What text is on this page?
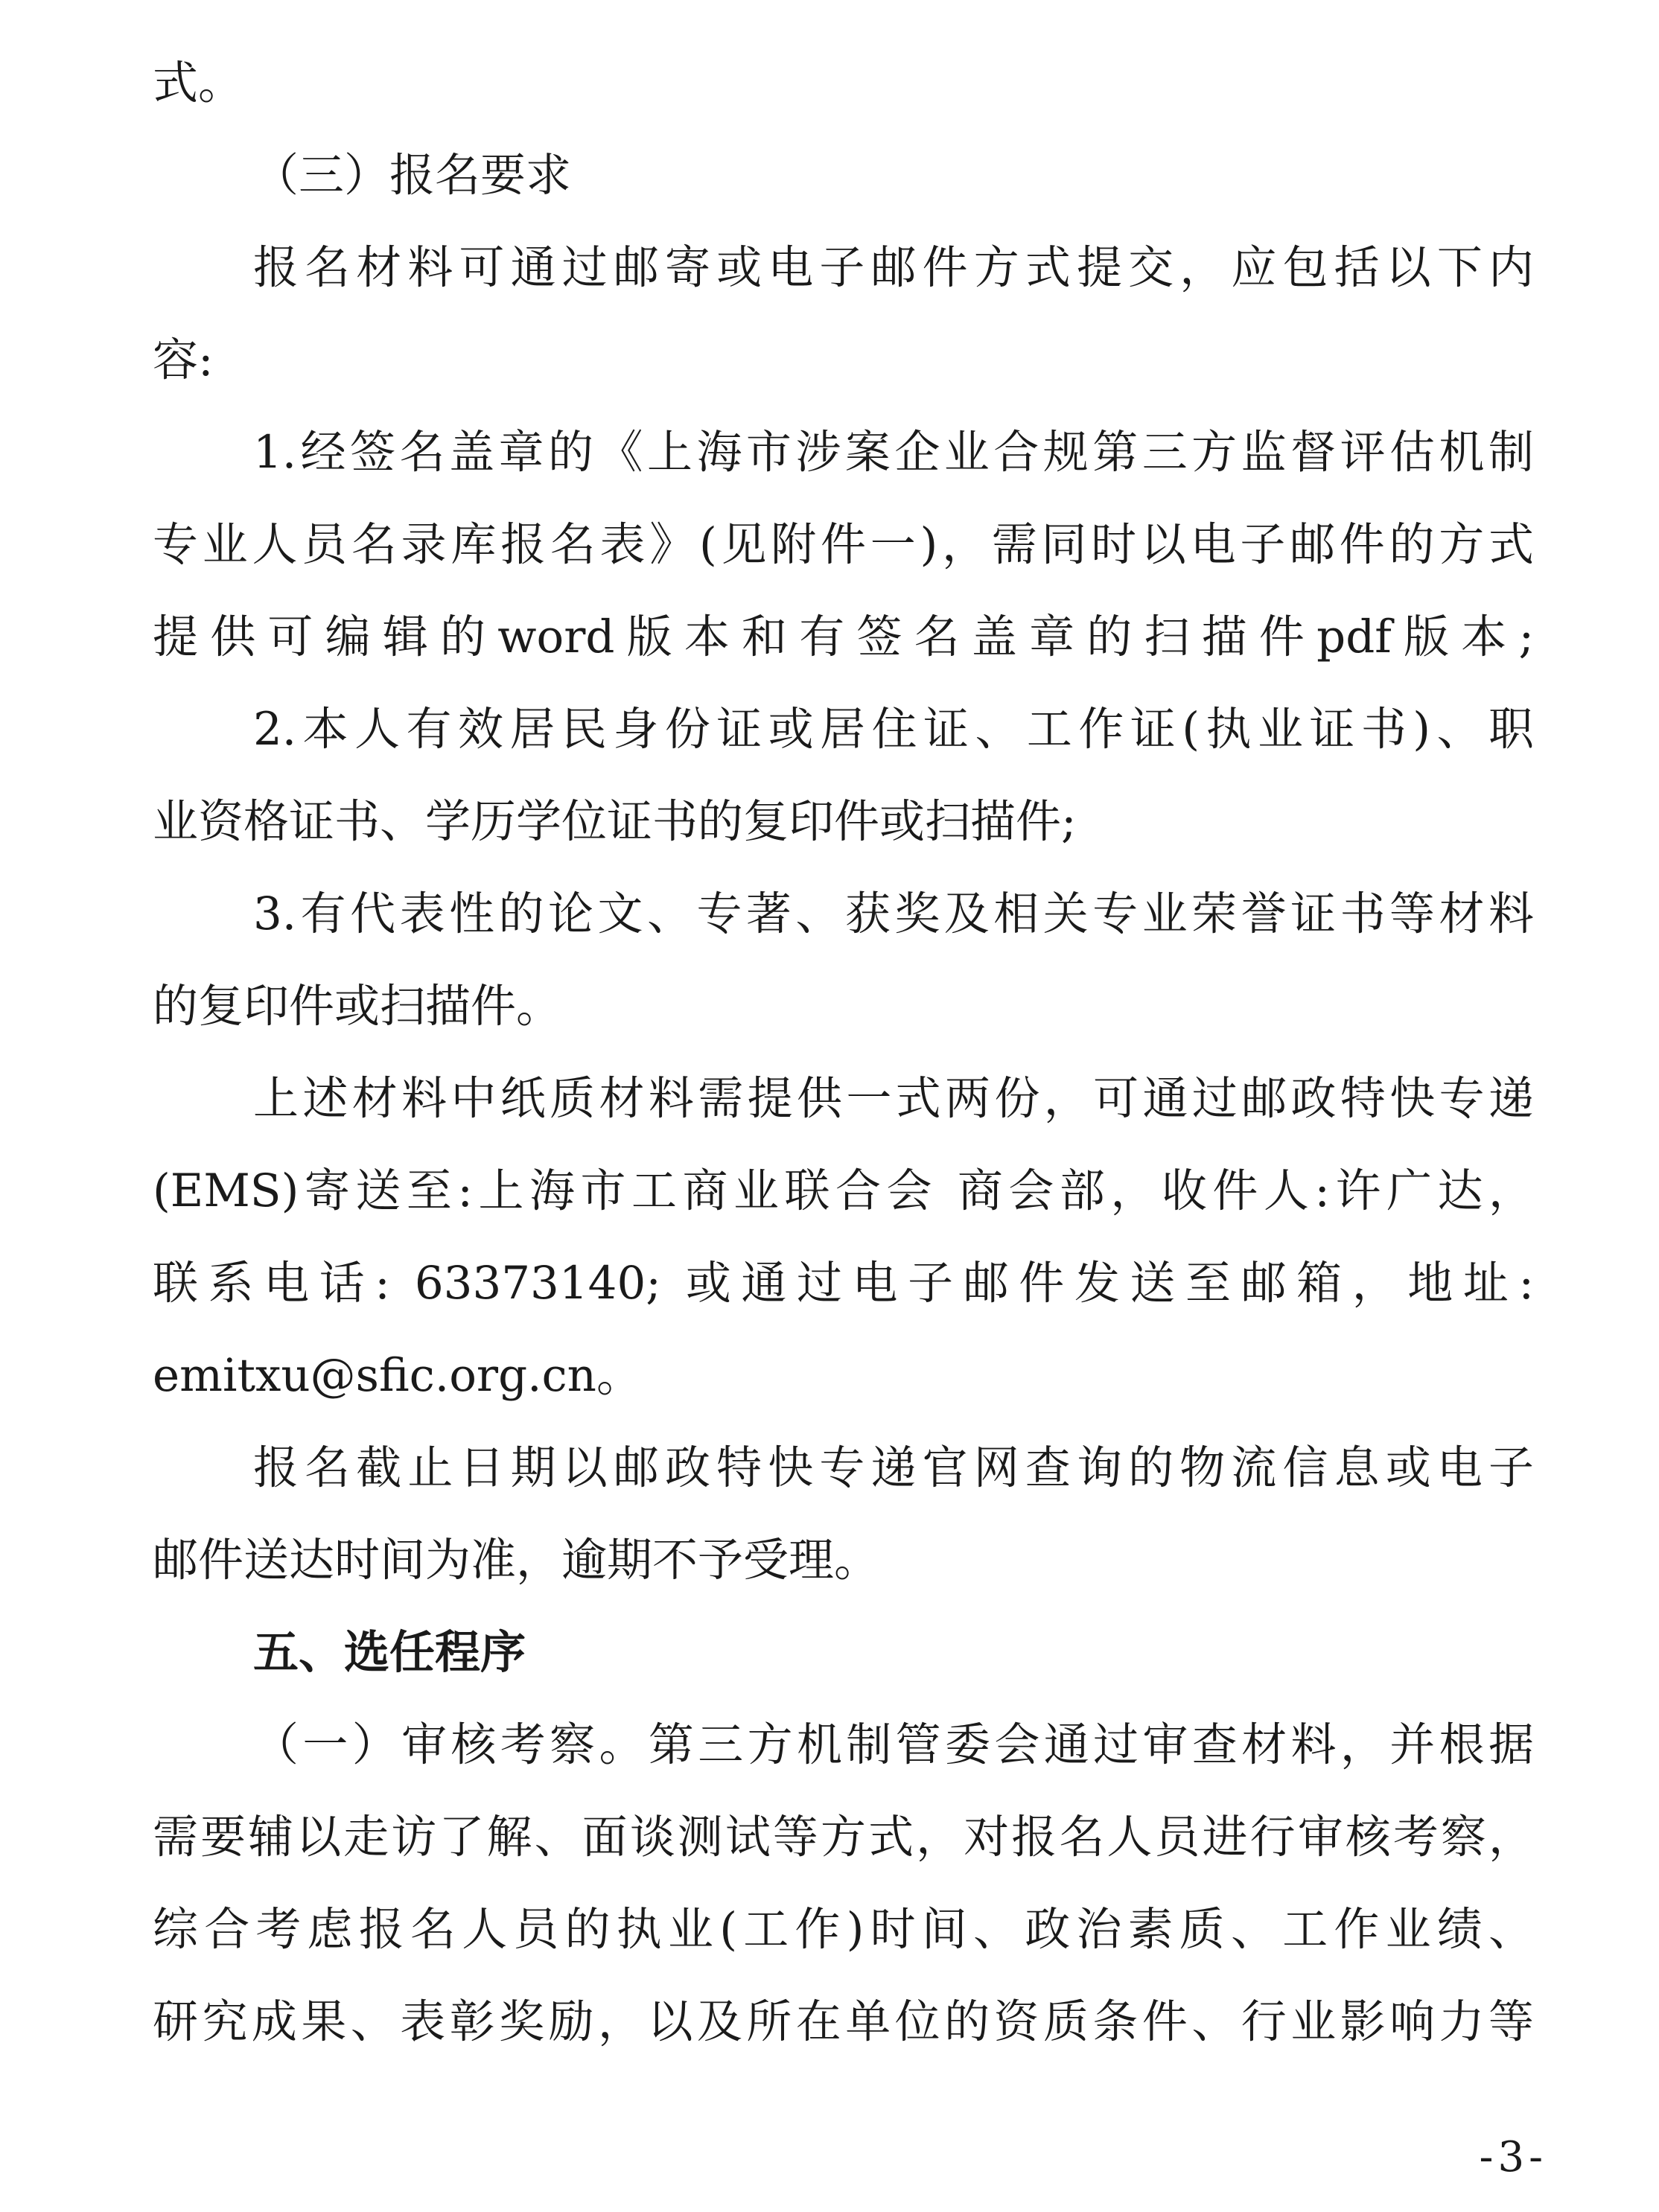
式。
（三）报名要求
报名材料可通过邮寄或电子邮件方式提交，应包括以下内
容:
1.经签名盖章的《上海市涉案企业合规第三方监督评估机制
专业人员名录库报名表》(见附件一)，需同时以电子邮件的方式
提供可编辑的word版本和有签名盖章的扫描件pdf版本;
2.本人有效居民身份证或居住证、工作证(执业证书)、职
业资格证书、学历学位证书的复印件或扫描件;
3.有代表性的论文、专著、获奖及相关专业荣誉证书等材料
的复印件或扫描件。
上述材料中纸质材料需提供一式两份，可通过邮政特快专递
(EMS)寄送至:上海市工商业联合会 商会部，收件人:许广达，
联系电话: 63373140; 或通过电子邮件发送至邮箱，地址:
emitxu@sfic.org.cn。
报名截止日期以邮政特快专递官网查询的物流信息或电子
邮件送达时间为准，逾期不予受理。
五、选任程序
（一）审核考察。第三方机制管委会通过审查材料，并根据
需要辅以走访了解、面谈测试等方式，对报名人员进行审核考察，
综合考虑报名人员的执业(工作)时间、政治素质、工作业绩、
研究成果、表彰奖励，以及所在单位的资质条件、行业影响力等
-3-
